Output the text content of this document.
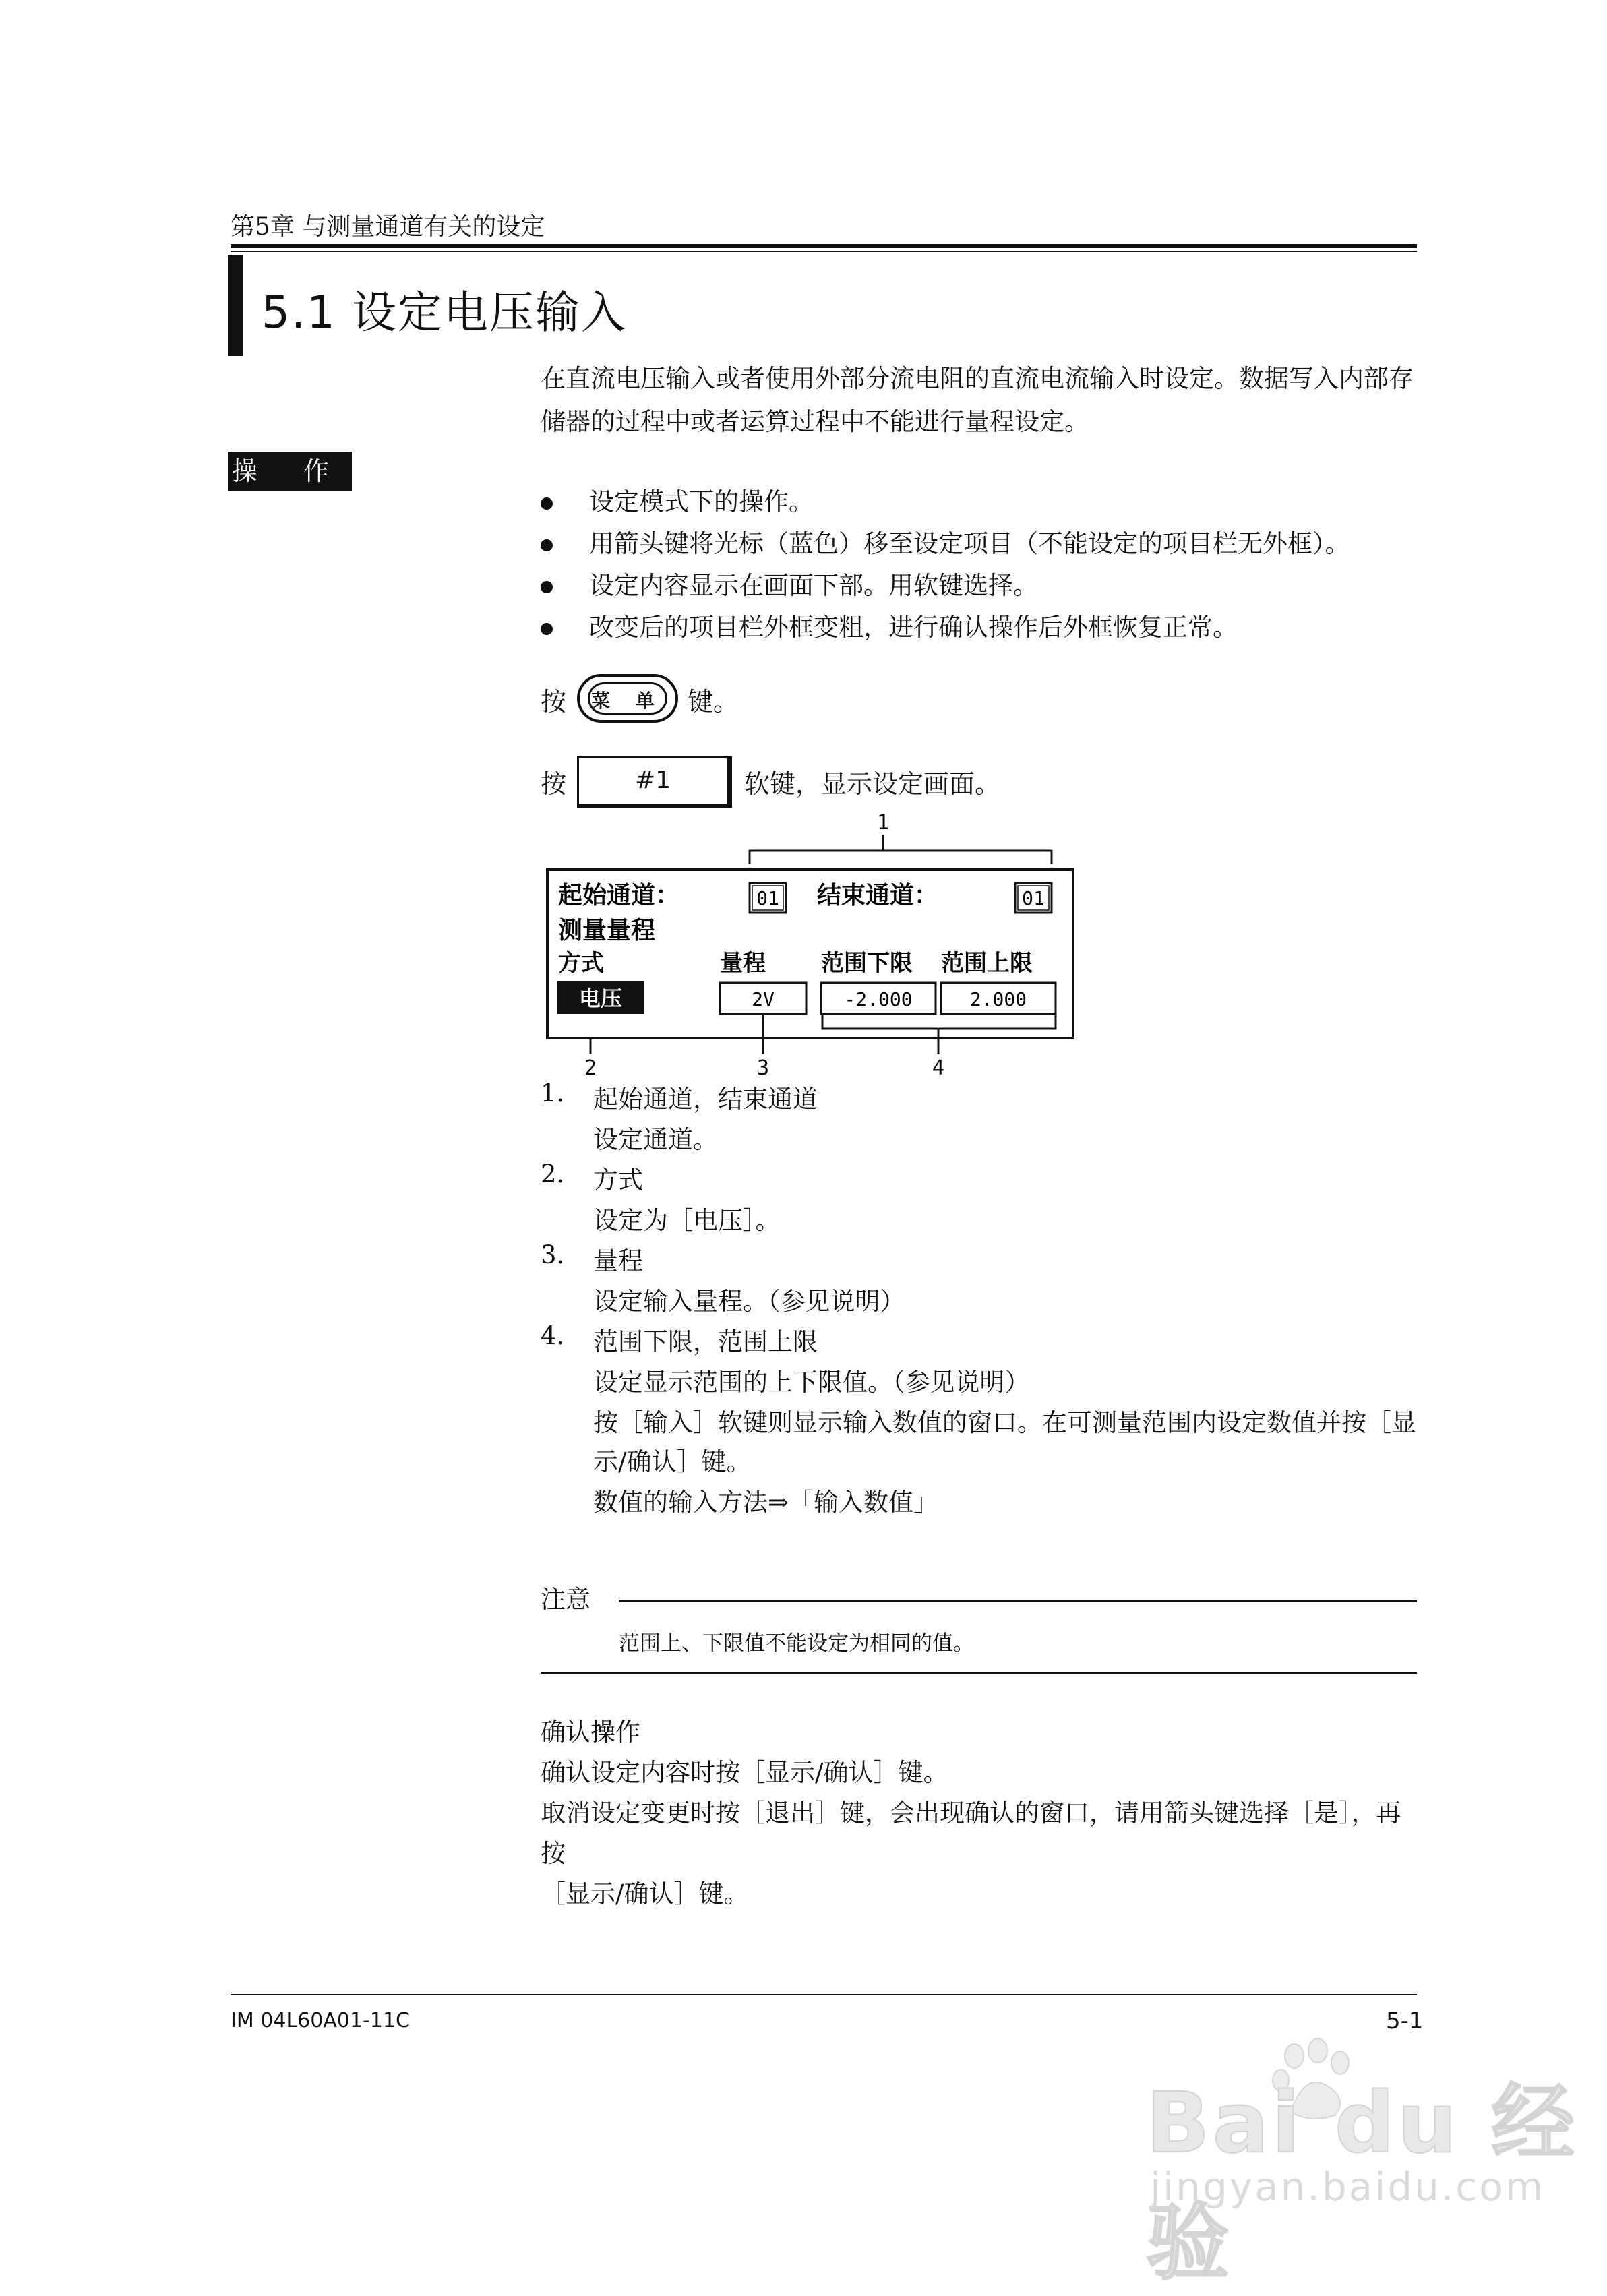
第5章 与测量通道有关的设定
5.1 设定电压输入
在直流电压输入或者使用外部分流电阻的直流电流输入时设定。数据写入内部存储器的过程中或者运算过程中不能进行量程设定。
操 作
设定模式下的操作。
用箭头键将光标（蓝色）移至设定项目（不能设定的项目栏无外框）。
设定内容显示在画面下部。用软键选择。
改变后的项目栏外框变粗，进行确认操作后外框恢复正常。
按 菜 单 键。
按	#1	软键，显示设定画面。
1
起始通道：	01 结束通道：	01
测量量程
方式	量程 范围下限 范围上限
电压	2V	-2.000	2.000
2	3	4
1. 起始通道，结束通道
设定通道。
2. 方式
设定为［电压］。
3. 量程
设定输入量程。（参见说明）
4. 范围下限，范围上限
设定显示范围的上下限值。（参见说明）
按［输入］软键则显示输入数值的窗口。在可测量范围内设定数值并按［显
示/确认］键。
数值的输入方法⇒「输入数值」
注意
范围上、下限值不能设定为相同的值。

确认操作

确认设定内容时按［显示/确认］键。

取消设定变更时按［退出］键，会出现确认的窗口，请用箭头键选择［是］，再按

［显示/确认］键。

IM 04L60A01-11C	5-1
Bai du 经验
jingyan.baidu.com
